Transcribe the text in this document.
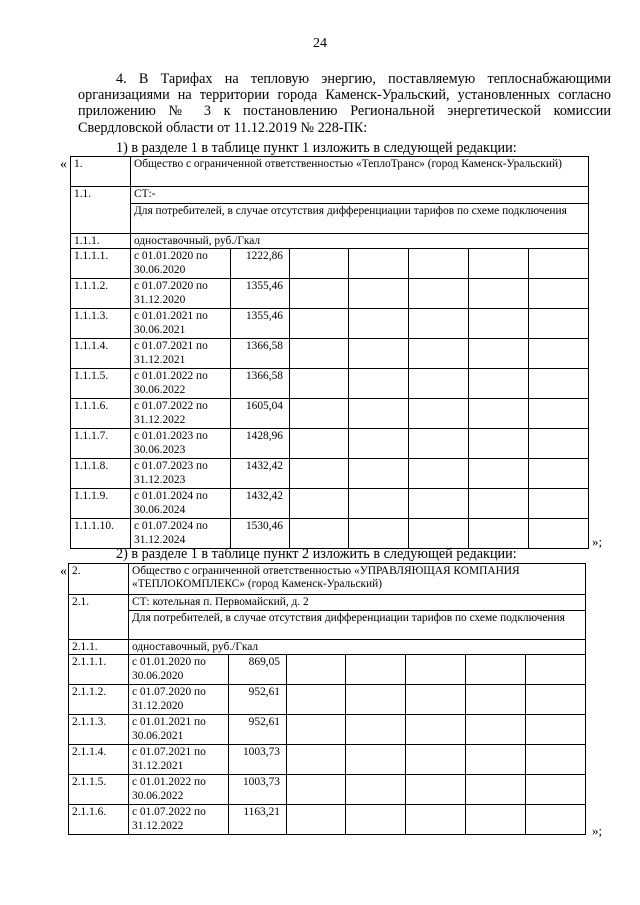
24
4. В Тарифах на тепловую энергию, поставляемую теплоснабжающими организациями на территории города Каменск-Уральский, установленных согласно приложению № 3 к постановлению Региональной энергетической комиссии Свердловской области от 11.12.2019 № 228-ПК:
1) в разделе 1 в таблице пункт 1 изложить в следующей редакции:
« 1.	Общество с ограниченной ответственностью «ТеплоТранс» (город Каменск-Уральский)						
1.1.	СТ:-						
	Для потребителей, в случае отсутствия дифференциации тарифов по схеме подключения						
1.1.1.	одноставочный, руб./Гкал						
1.1.1.1.	с 01.01.2020 по 30.06.2020	1222,86					
1.1.1.2.	с 01.07.2020 по 31.12.2020	1355,46					
1.1.1.3.	с 01.01.2021 по 30.06.2021	1355,46					
1.1.1.4.	с 01.07.2021 по 31.12.2021	1366,58					
1.1.1.5.	с 01.01.2022 по 30.06.2022	1366,58					
1.1.1.6.	с 01.07.2022 по 31.12.2022	1605,04					
1.1.1.7.	с 01.01.2023 по 30.06.2023	1428,96					
1.1.1.8.	с 01.07.2023 по 31.12.2023	1432,42					
1.1.1.9.	с 01.01.2024 по 30.06.2024	1432,42					
1.1.1.10.	с 01.07.2024 по 31.12.2024	1530,46					
»;
2) в разделе 1 в таблице пункт 2 изложить в следующей редакции:
« 2.	Общество с ограниченной ответственностью «УПРАВЛЯЮЩАЯ КОМПАНИЯ «ТЕПЛОКОМПЛЕКС» (город Каменск-Уральский)						
2.1.	СТ: котельная п. Первомайский, д. 2						
	Для потребителей, в случае отсутствия дифференциации тарифов по схеме подключения						
2.1.1.	одноставочный, руб./Гкал						
2.1.1.1.	с 01.01.2020 по 30.06.2020	869,05					
2.1.1.2.	с 01.07.2020 по 31.12.2020	952,61					
2.1.1.3.	с 01.01.2021 по 30.06.2021	952,61					
2.1.1.4.	с 01.07.2021 по 31.12.2021	1003,73					
2.1.1.5.	с 01.01.2022 по 30.06.2022	1003,73					
2.1.1.6.	с 01.07.2022 по 31.12.2022	1163,21					
»;
